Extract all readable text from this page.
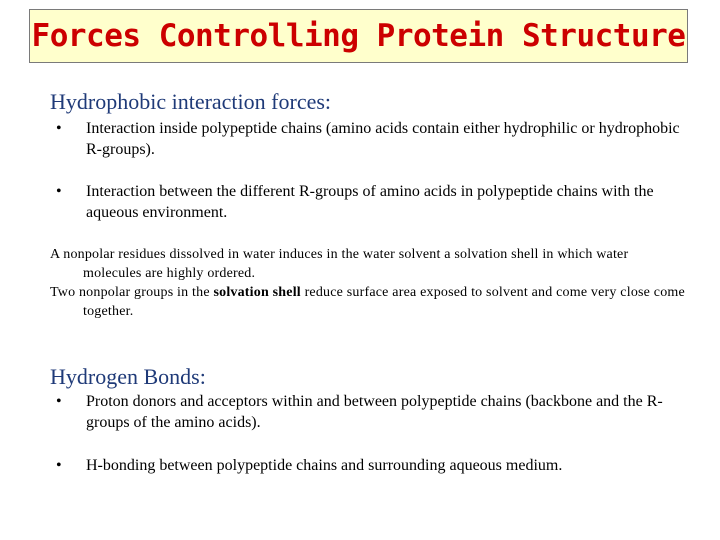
Forces Controlling Protein Structure
Hydrophobic interaction forces:
• Interaction inside polypeptide chains (amino acids contain either hydrophilic or hydrophobic R-groups).
• Interaction between the different R-groups of amino acids in polypeptide chains with the aqueous environment.
A nonpolar residues dissolved in water induces in the water solvent a solvation shell in which water molecules are highly ordered.
Two nonpolar groups in the solvation shell reduce surface area exposed to solvent and come very close come together.
Hydrogen Bonds:
• Proton donors and acceptors within and between polypeptide chains (backbone and the R-groups of the amino acids).
• H-bonding between polypeptide chains and surrounding aqueous medium.
